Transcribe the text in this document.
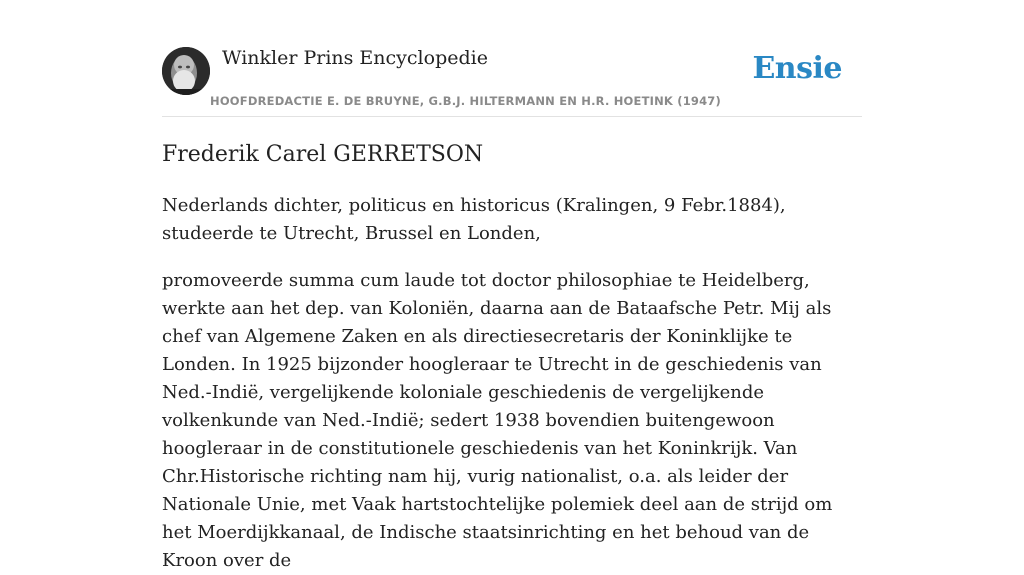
Winkler Prins Encyclopedie
HOOFDREDACTIE E. DE BRUYNE, G.B.J. HILTERMANN EN H.R. HOETINK (1947)
Ensie
Frederik Carel GERRETSON

Nederlands dichter, politicus en historicus (Kralingen, 9 Febr.1884), studeerde te Utrecht, Brussel en Londen,

promoveerde summa cum laude tot doctor philosophiae te Heidelberg, werkte aan het dep. van Koloniën, daarna aan de Bataafsche Petr. Mij als chef van Algemene Zaken en als directiesecretaris der Koninklijke te Londen. In 1925 bijzonder hoogleraar te Utrecht in de geschiedenis van Ned.-Indië, vergelijkende koloniale geschiedenis de vergelijkende volkenkunde van Ned.-Indië; sedert 1938 bovendien buitengewoon hoogleraar in de constitutionele geschiedenis van het Koninkrijk. Van Chr.Historische richting nam hij, vurig nationalist, o.a. als leider der Nationale Unie, met Vaak hartstochtelijke polemiek deel aan de strijd om het Moerdijkkanaal, de Indische staatsinrichting en het behoud van de Kroon over de
